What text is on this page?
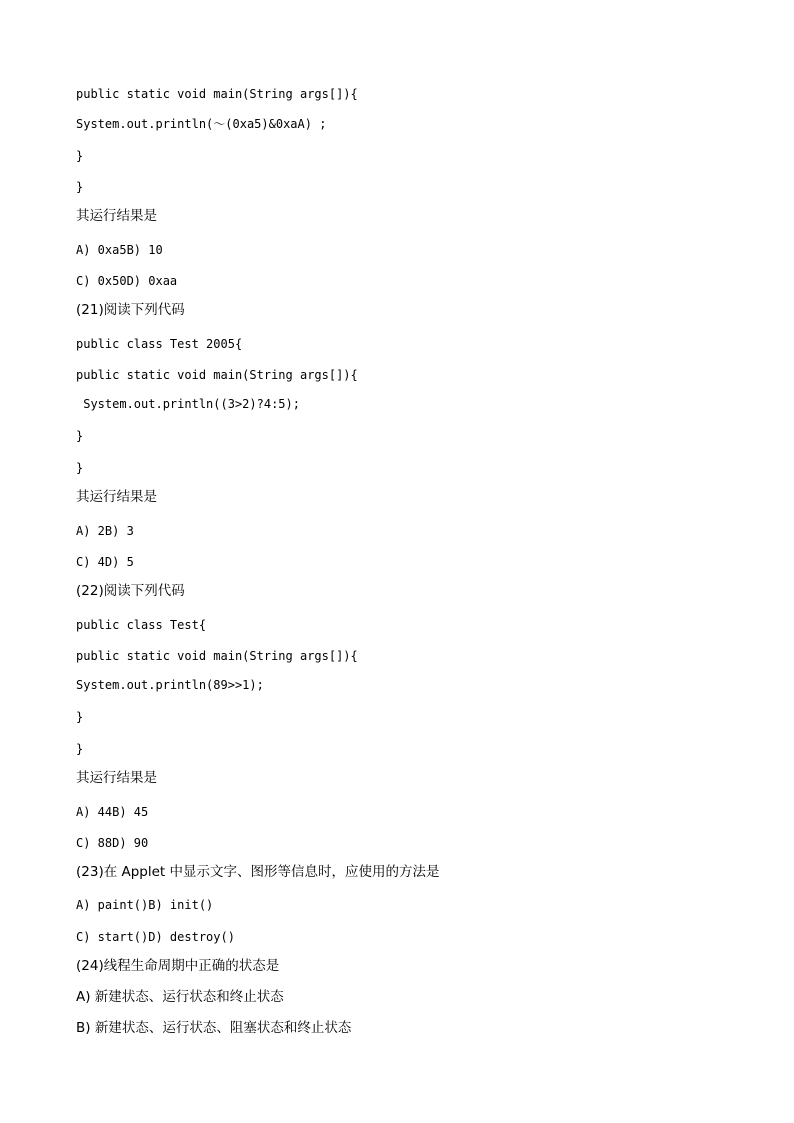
public static void main(String args[]){
System.out.println(～(0xa5)&0xaA) ;
}
}
其运行结果是
A) 0xa5B) 10
C) 0x50D) 0xaa
(21)阅读下列代码
public class Test 2005{
public static void main(String args[]){
System.out.println((3>2)?4:5);
}
}
其运行结果是
A) 2B) 3
C) 4D) 5
(22)阅读下列代码
public class Test{
public static void main(String args[]){
System.out.println(89>>1);
}
}
其运行结果是
A) 44B) 45
C) 88D) 90
(23)在 Applet 中显示文字、图形等信息时，应使用的方法是
A) paint()B) init()
C) start()D) destroy()
(24)线程生命周期中正确的状态是
A) 新建状态、运行状态和终止状态
B) 新建状态、运行状态、阻塞状态和终止状态
